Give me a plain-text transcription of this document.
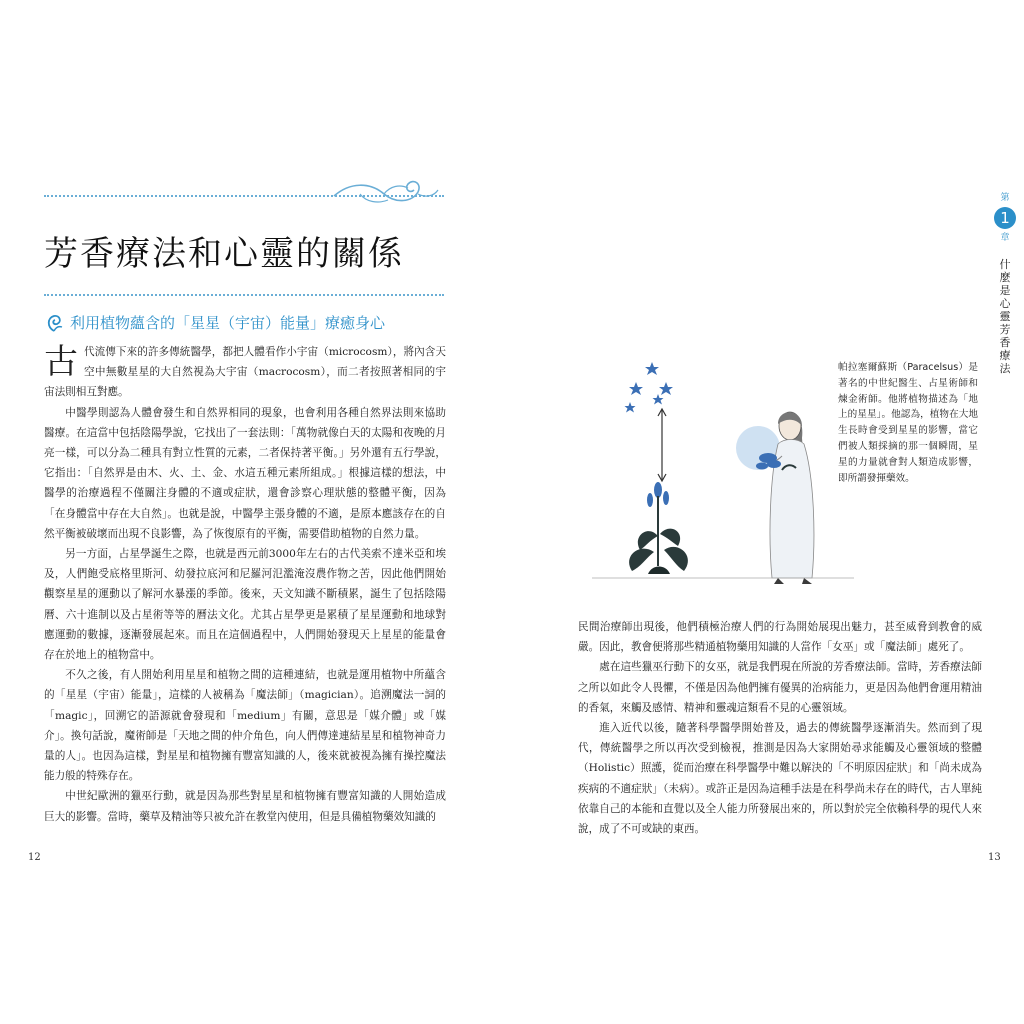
芳香療法和心靈的關係
利用植物蘊含的「星星（宇宙）能量」療癒身心

古代流傳下來的許多傳統醫學，都把人體看作小宇宙（microcosm），將內含天空中無數星星的大自然視為大宇宙（macrocosm），而二者按照著相同的宇宙法則相互對應。

中醫學則認為人體會發生和自然界相同的現象，也會利用各種自然界法則來協助醫療。在這當中包括陰陽學說，它找出了一套法則：「萬物就像白天的太陽和夜晚的月亮一樣，可以分為二種具有對立性質的元素，二者保持著平衡。」另外還有五行學說，它指出：「自然界是由木、火、土、金、水這五種元素所組成。」根據這樣的想法，中醫學的治療過程不僅關注身體的不適或症狀，還會診察心理狀態的整體平衡，因為「在身體當中存在大自然」。也就是說，中醫學主張身體的不適，是原本應該存在的自然平衡被破壞而出現不良影響，為了恢復原有的平衡，需要借助植物的自然力量。

另一方面，占星學誕生之際，也就是西元前3000年左右的古代美索不達米亞和埃及，人們飽受底格里斯河、幼發拉底河和尼羅河氾濫淹沒農作物之苦，因此他們開始觀察星星的運動以了解河水暴漲的季節。後來，天文知識不斷積累，誕生了包括陰陽曆、六十進制以及占星術等等的曆法文化。尤其占星學更是累積了星星運動和地球對應運動的數據，逐漸發展起來。而且在這個過程中，人們開始發現天上星星的能量會存在於地上的植物當中。

不久之後，有人開始利用星星和植物之間的這種連結，也就是運用植物中所蘊含的「星星（宇宙）能量」，這樣的人被稱為「魔法師」（magician）。追溯魔法一詞的「magic」，回溯它的語源就會發現和「medium」有關，意思是「媒介體」或「媒介」。換句話說，魔術師是「天地之間的仲介角色，向人們傳達連結星星和植物神奇力量的人」。也因為這樣，對星星和植物擁有豐富知識的人，後來就被視為擁有操控魔法能力般的特殊存在。

中世紀歐洲的獵巫行動，就是因為那些對星星和植物擁有豐富知識的人開始造成巨大的影響。當時，藥草及精油等只被允許在教堂內使用，但是具備植物藥效知識的

12

民間治療師出現後，他們積極治療人們的行為開始展現出魅力，甚至威脅到教會的威嚴。因此，教會便將那些精通植物藥用知識的人當作「女巫」或「魔法師」處死了。

處在這些獵巫行動下的女巫，就是我們現在所說的芳香療法師。當時，芳香療法師之所以如此令人畏懼，不僅是因為他們擁有優異的治病能力，更是因為他們會運用精油的香氣，來觸及感情、精神和靈魂這類看不見的心靈領域。

進入近代以後，隨著科學醫學開始普及，過去的傳統醫學逐漸消失。然而到了現代，傳統醫學之所以再次受到檢視，推測是因為大家開始尋求能觸及心靈領域的整體（Holistic）照護，從而治療在科學醫學中難以解決的「不明原因症狀」和「尚未成為疾病的不適症狀」（未病）。或許正是因為這種手法是在科學尚未存在的時代，古人單純依靠自己的本能和直覺以及全人能力所發展出來的，所以對於完全依賴科學的現代人來說，成了不可或缺的東西。

13
第
1
章
什麼是心靈芳香療法
帕拉塞爾蘇斯（Paracelsus）是著名的中世紀醫生、占星術師和煉金術師。他將植物描述為「地上的星星」。他認為，植物在大地生長時會受到星星的影響，當它們被人類採摘的那一個瞬間，星星的力量就會對人類造成影響，即所謂發揮藥效。
